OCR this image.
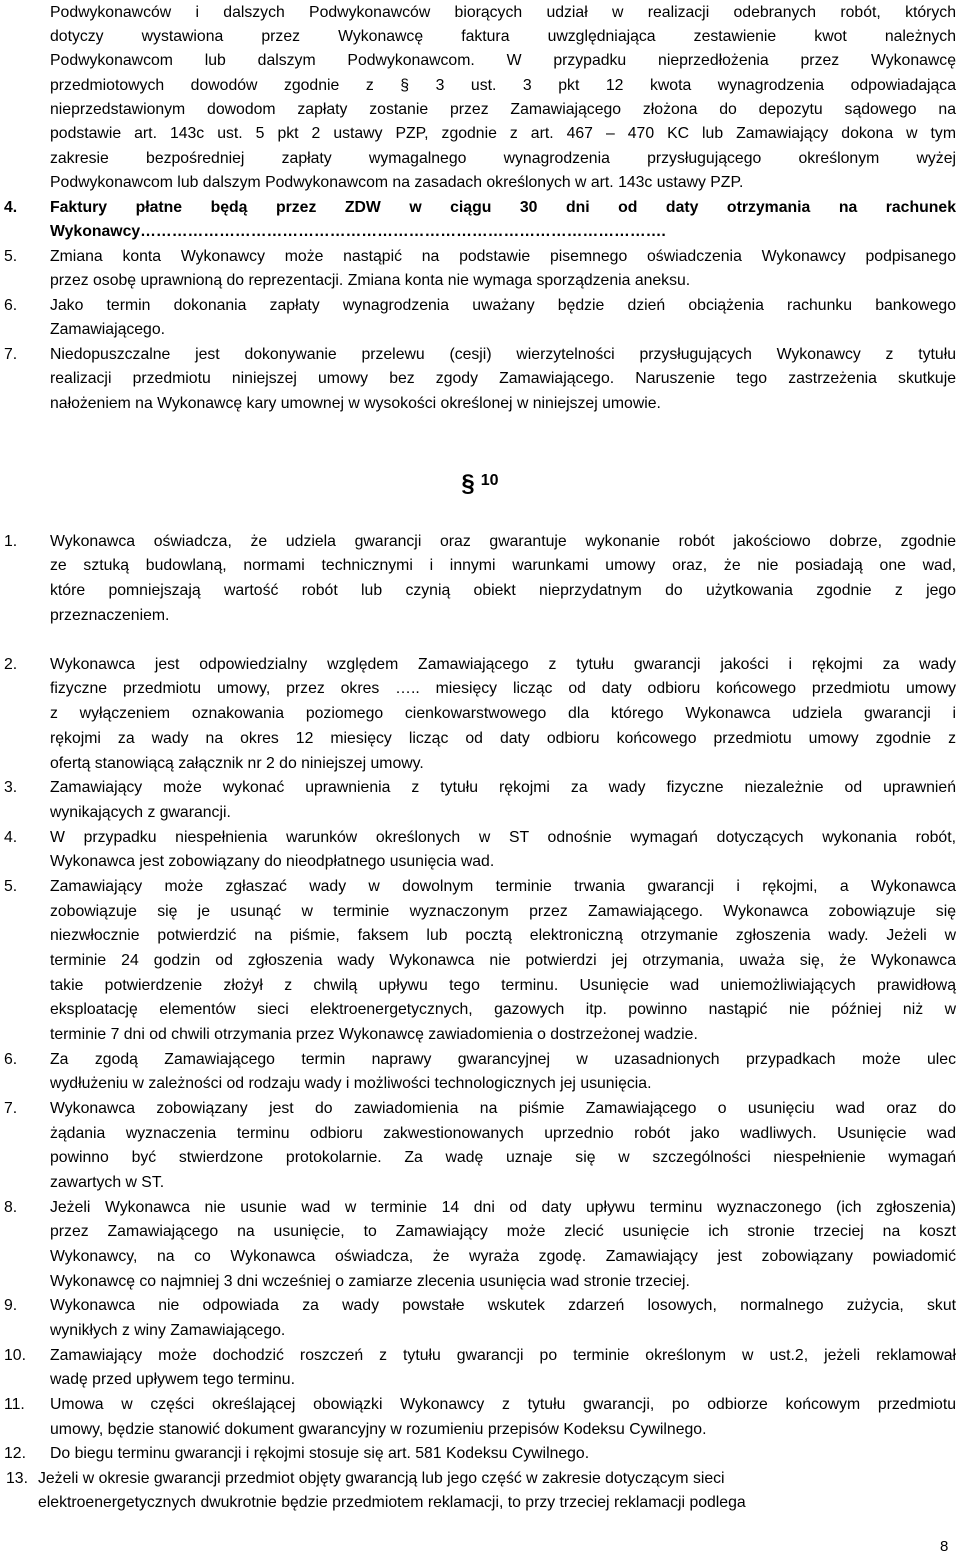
§ 10
8
Podwykonawców i dalszych Podwykonawców biorących udział w realizacji odebranych robót, których
dotyczy wystawiona przez Wykonawcę faktura uwzględniająca zestawienie kwot należnych
Podwykonawcom lub dalszym Podwykonawcom. W przypadku nieprzedłożenia przez Wykonawcę
przedmiotowych dowodów zgodnie z § 3 ust. 3 pkt 12 kwota wynagrodzenia odpowiadająca
nieprzedstawionym dowodom zapłaty zostanie przez Zamawiającego złożona do depozytu sądowego na
podstawie art. 143c ust. 5 pkt 2 ustawy PZP, zgodnie z art. 467 – 470 KC lub Zamawiający dokona w tym
zakresie bezpośredniej zapłaty wymagalnego wynagrodzenia przysługującego określonym wyżej
Podwykonawcom lub dalszym Podwykonawcom na zasadach określonych w art. 143c ustawy PZP.
4. Faktury płatne będą przez ZDW w ciągu 30 dni od daty otrzymania na rachunek
Wykonawcy……………………………………………………………………………………….
5. Zmiana konta Wykonawcy może nastąpić na podstawie pisemnego oświadczenia Wykonawcy podpisanego
przez osobę uprawnioną do reprezentacji. Zmiana konta nie wymaga sporządzenia aneksu.
6. Jako termin dokonania zapłaty wynagrodzenia uważany będzie dzień obciążenia rachunku bankowego
Zamawiającego.
7. Niedopuszczalne jest dokonywanie przelewu (cesji) wierzytelności przysługujących Wykonawcy z tytułu
realizacji przedmiotu niniejszej umowy bez zgody Zamawiającego. Naruszenie tego zastrzeżenia skutkuje
nałożeniem na Wykonawcę kary umownej w wysokości określonej w niniejszej umowie.
1. Wykonawca oświadcza, że udziela gwarancji oraz gwarantuje wykonanie robót jakościowo dobrze, zgodnie
ze sztuką budowlaną, normami technicznymi i innymi warunkami umowy oraz, że nie posiadają one wad,
które pomniejszają wartość robót lub czynią obiekt nieprzydatnym do użytkowania zgodnie z jego
przeznaczeniem.
2. Wykonawca jest odpowiedzialny względem Zamawiającego z tytułu gwarancji jakości i rękojmi za wady
fizyczne przedmiotu umowy, przez okres ….. miesięcy licząc od daty odbioru końcowego przedmiotu umowy
z wyłączeniem oznakowania poziomego cienkowarstwowego dla którego Wykonawca udziela gwarancji i
rękojmi za wady na okres 12 miesięcy licząc od daty odbioru końcowego przedmiotu umowy zgodnie z
ofertą stanowiącą załącznik nr 2 do niniejszej umowy.
3. Zamawiający może wykonać uprawnienia z tytułu rękojmi za wady fizyczne niezależnie od uprawnień
wynikających z gwarancji.
4. W przypadku niespełnienia warunków określonych w ST odnośnie wymagań dotyczących wykonania robót,
Wykonawca jest zobowiązany do nieodpłatnego usunięcia wad.
5. Zamawiający może zgłaszać wady w dowolnym terminie trwania gwarancji i rękojmi, a Wykonawca
zobowiązuje się je usunąć w terminie wyznaczonym przez Zamawiającego. Wykonawca zobowiązuje się
niezwłocznie potwierdzić na piśmie, faksem lub pocztą elektroniczną otrzymanie zgłoszenia wady. Jeżeli w
terminie 24 godzin od zgłoszenia wady Wykonawca nie potwierdzi jej otrzymania, uważa się, że Wykonawca
takie potwierdzenie złożył z chwilą upływu tego terminu. Usunięcie wad uniemożliwiających prawidłową
eksploatację elementów sieci elektroenergetycznych, gazowych itp. powinno nastąpić nie później niż w
terminie 7 dni od chwili otrzymania przez Wykonawcę zawiadomienia o dostrzeżonej wadzie.
6. Za zgodą Zamawiającego termin naprawy gwarancyjnej w uzasadnionych przypadkach może ulec
wydłużeniu w zależności od rodzaju wady i możliwości technologicznych jej usunięcia.
7. Wykonawca zobowiązany jest do zawiadomienia na piśmie Zamawiającego o usunięciu wad oraz do
żądania wyznaczenia terminu odbioru zakwestionowanych uprzednio robót jako wadliwych. Usunięcie wad
powinno być stwierdzone protokolarnie. Za wadę uznaje się w szczególności niespełnienie wymagań
zawartych w ST.
8. Jeżeli Wykonawca nie usunie wad w terminie 14 dni od daty upływu terminu wyznaczonego (ich zgłoszenia)
przez Zamawiającego na usunięcie, to Zamawiający może zlecić usunięcie ich stronie trzeciej na koszt
Wykonawcy, na co Wykonawca oświadcza, że wyraża zgodę. Zamawiający jest zobowiązany powiadomić
Wykonawcę co najmniej 3 dni wcześniej o zamiarze zlecenia usunięcia wad stronie trzeciej.
9. Wykonawca nie odpowiada za wady powstałe wskutek zdarzeń losowych, normalnego zużycia, skut
wynikłych z winy Zamawiającego.
10. Zamawiający może dochodzić roszczeń z tytułu gwarancji po terminie określonym w ust.2, jeżeli reklamował
wadę przed upływem tego terminu.
11. Umowa w części określającej obowiązki Wykonawcy z tytułu gwarancji, po odbiorze końcowym przedmiotu
umowy, będzie stanowić dokument gwarancyjny w rozumieniu przepisów Kodeksu Cywilnego.
12. Do biegu terminu gwarancji i rękojmi stosuje się art. 581 Kodeksu Cywilnego.
13. Jeżeli w okresie gwarancji przedmiot objęty gwarancją lub jego część w zakresie dotyczącym sieci
elektroenergetycznych dwukrotnie będzie przedmiotem reklamacji, to przy trzeciej reklamacji podlega
